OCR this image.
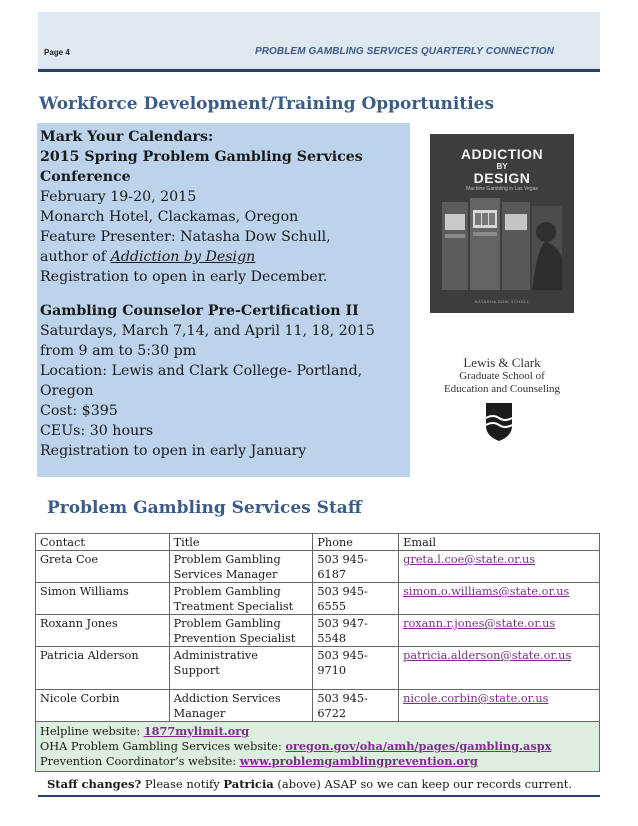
Page 4	PROBLEM GAMBLING SERVICES QUARTERLY CONNECTION
Workforce Development/Training Opportunities
Mark Your Calendars:
2015 Spring Problem Gambling Services
Conference
February 19-20, 2015
Monarch Hotel, Clackamas, Oregon
Feature Presenter: Natasha Dow Schull,
author of Addiction by Design
Registration to open in early December.
Gambling Counselor Pre-Certification II
Saturdays, March 7,14, and April 11, 18, 2015
from 9 am to 5:30 pm
Location: Lewis and Clark College- Portland,
Oregon
Cost: $395
CEUs: 30 hours
Registration to open in early January
ADDICTION
BY
DESIGN
Machine Gambling in Las Vegas
NATASHA DOW SCHÜLL
Lewis & Clark
Graduate School of
Education and Counseling
Problem Gambling Services Staff
Contact	Title	Phone	Email
Greta Coe	Problem Gambling
Services Manager	503 945-6187	greta.l.coe@state.or.us
Simon Williams	Problem Gambling
Treatment Specialist	503 945-6555	simon.o.williams@state.or.us
Roxann Jones	Problem Gambling
Prevention Specialist	503 947-5548	roxann.r.jones@state.or.us
Patricia Alderson	Administrative
Support	503 945-9710	patricia.alderson@state.or.us
Nicole Corbin	Addiction Services
Manager	503 945-6722	nicole.corbin@state.or.us

Helpline website: 1877mylimit.org
OHA Problem Gambling Services website: oregon.gov/oha/amh/pages/gambling.aspx
Prevention Coordinator’s website: www.problemgamblingprevention.org			
Staff changes? Please notify Patricia (above) ASAP so we can keep our records current.
